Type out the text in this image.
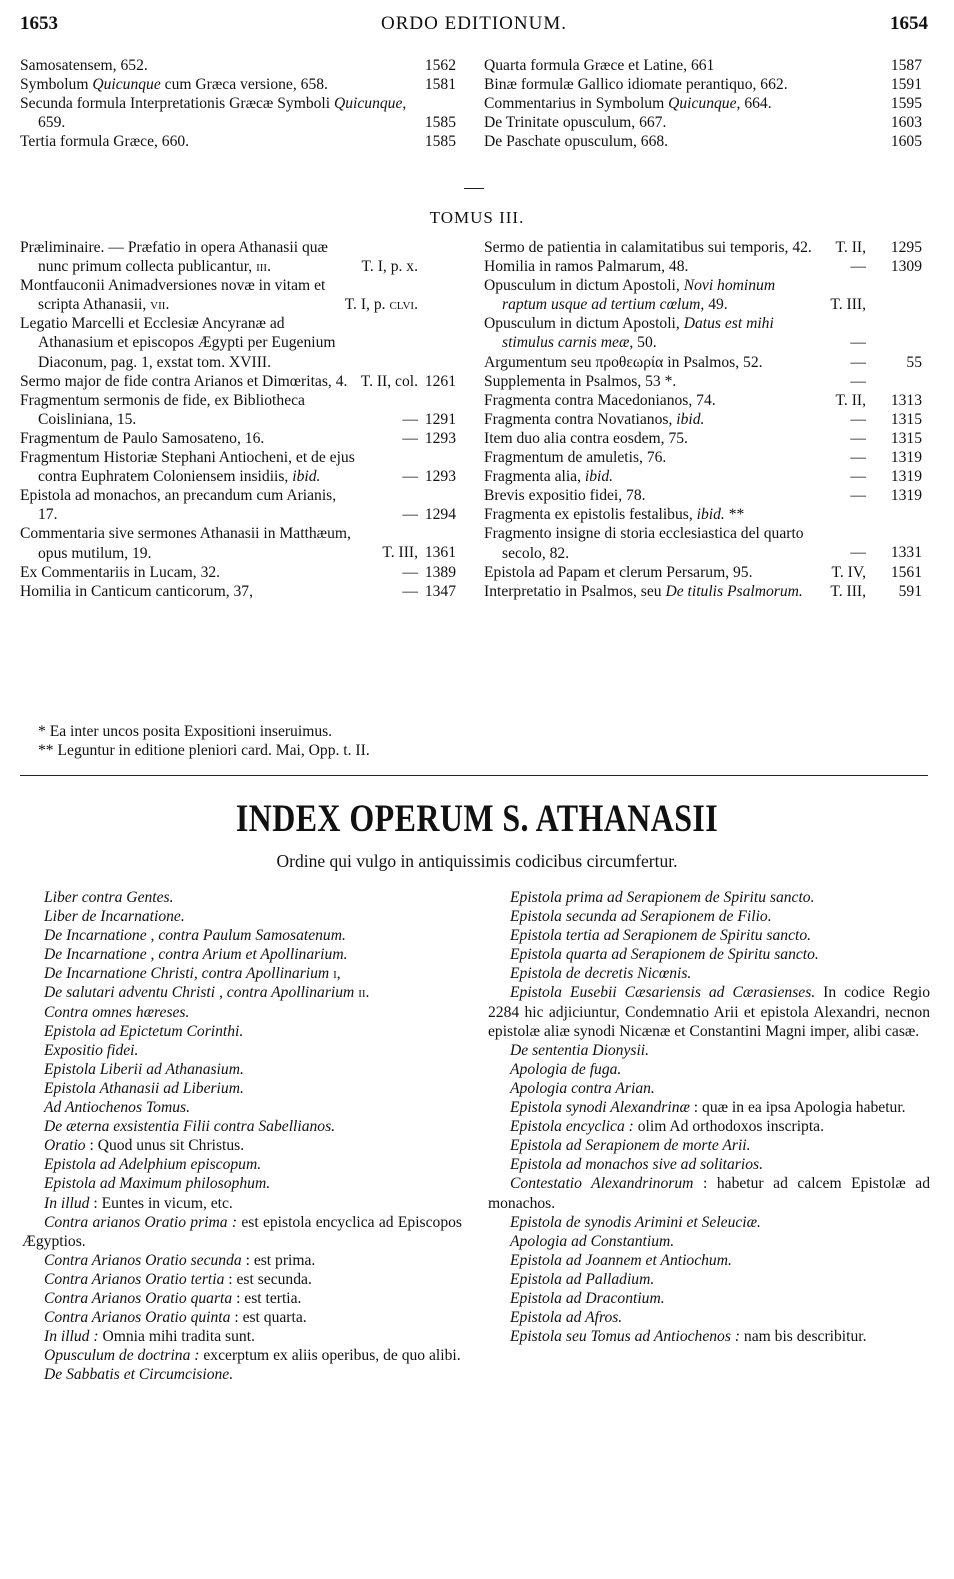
1653	ORDO EDITIONUM.	1654
Samosatensem, 652.	1562
Symbolum Quicunque cum Græca versione, 658.	1581
Secunda formula Interpretationis Græcæ Symboli Quicunque, 659.	1585
Tertia formula Græce, 660.	1585
Quarta formula Græce et Latine, 661	1587
Binæ formulæ Gallico idiomate perantiquo, 662.	1591
Commentarius in Symbolum Quicunque, 664.	1595
De Trinitate opusculum, 667.	1603
De Paschate opusculum, 668.	1605
TOMUS III.
Præliminaire. — Præfatio in opera Athanasii quæ nunc primum collecta publicantur, iii.	T. I, p. x.
Montfauconii Animadversiones novæ in vitam et scripta Athanasii, vii.	T. I, p. clvi.
Legatio Marcelli et Ecclesiæ Ancyranæ ad Athanasium et episcopos Ægypti per Eugenium Diaconum, pag. 1, exstat tom. XVIII.
Sermo major de fide contra Arianos et Dimœritas, 4. T. II, col. 1261
Fragmentum sermonis de fide, ex Bibliotheca Coisliniana, 15.	— 1291
Fragmentum de Paulo Samosateno, 16.	— 1293
Fragmentum Historiæ Stephani Antiocheni, et de ejus contra Euphratem Coloniensem insidiis, ibid.	— 1293
Epistola ad monachos, an precandum cum Arianis, 17.	— 1294
Commentaria sive sermones Athanasii in Matthæum, opus mutilum, 19.	T. III, 1361
Ex Commentariis in Lucam, 32.	— 1389
Homilia in Canticum canticorum, 37,	— 1347
Sermo de patientia in calamitatibus sui temporis, 42.	T. II, 1295
Homilia in ramos Palmarum, 48.	— 1309
Opusculum in dictum Apostoli, Novi hominum raptum usque ad tertium cœlum, 49.	T. III,
Opusculum in dictum Apostoli, Datus est mihi stimulus carnis meæ, 50.	—
Argumentum seu προθεωρία in Psalmos, 52.	—	55
Supplementa in Psalmos, 53 *.	—
Fragmenta contra Macedonianos, 74.	T. II, 1313
Fragmenta contra Novatianos, ibid.	— 1315
Item duo alia contra eosdem, 75.	— 1315
Fragmentum de amuletis, 76.	— 1319
Fragmenta alia, ibid.	— 1319
Brevis expositio fidei, 78.	— 1319
Fragmenta ex epistolis festalibus, ibid. **
Fragmento insigne di storia ecclesiastica del quarto secolo, 82.	— 1331
Epistola ad Papam et clerum Persarum, 95.	T. IV, 1561
Interpretatio in Psalmos, seu De titulis Psalmorum.	T. III, 591
* Ea inter uncos posita Expositioni inseruimus.
** Leguntur in editione pleniori card. Mai, Opp. t. II.
INDEX OPERUM S. ATHANASII
Ordine qui vulgo in antiquissimis codicibus circumfertur.
Liber contra Gentes.
Liber de Incarnatione.
De Incarnatione , contra Paulum Samosatenum.
De Incarnatione , contra Arium et Apollinarium.
De Incarnatione Christi, contra Apollinarium i,
De salutari adventu Christi , contra Apollinarium ii.
Contra omnes hæreses.
Epistola ad Epictetum Corinthi.
Expositio fidei.
Epistola Liberii ad Athanasium.
Epistola Athanasii ad Liberium.
Ad Antiochenos Tomus.
De æterna exsistentia Filii contra Sabellianos.
Oratio : Quod unus sit Christus.
Epistola ad Adelphium episcopum.
Epistola ad Maximum philosophum.
In illud : Euntes in vicum, etc.
Contra arianos Oratio prima : est epistola encyclica ad Episcopos Ægyptios.
Contra Arianos Oratio secunda : est prima.
Contra Arianos Oratio tertia : est secunda.
Contra Arianos Oratio quarta : est tertia.
Contra Arianos Oratio quinta : est quarta.
In illud : Omnia mihi tradita sunt.
Opusculum de doctrina : excerptum ex aliis operibus, de quo alibi.
De Sabbatis et Circumcisione.
Epistola prima ad Serapionem de Spiritu sancto.
Epistola secunda ad Serapionem de Filio.
Epistola tertia ad Serapionem de Spiritu sancto.
Epistola quarta ad Serapionem de Spiritu sancto.
Epistola de decretis Nicœnis.
Epistola Eusebii Cæsariensis ad Cærasienses. In codice Regio 2284 hic adjiciuntur, Condemnatio Arii et epistola Alexandri, necnon epistolæ aliæ synodi Nicænæ et Constantini Magni imper, alibi casæ.
De sententia Dionysii.
Apologia de fuga.
Apologia contra Arian.
Epistola synodi Alexandrinæ : quæ in ea ipsa Apologia habetur.
Epistola encyclica : olim Ad orthodoxos inscripta.
Epistola ad Serapionem de morte Arii.
Epistola ad monachos sive ad solitarios.
Contestatio Alexandrinorum : habetur ad calcem Epistolæ ad monachos.
Epistola de synodis Arimini et Seleuciæ.
Apologia ad Constantium.
Epistola ad Joannem et Antiochum.
Epistola ad Palladium.
Epistola ad Dracontium.
Epistola ad Afros.
Epistola seu Tomus ad Antiochenos : nam bis describitur.
